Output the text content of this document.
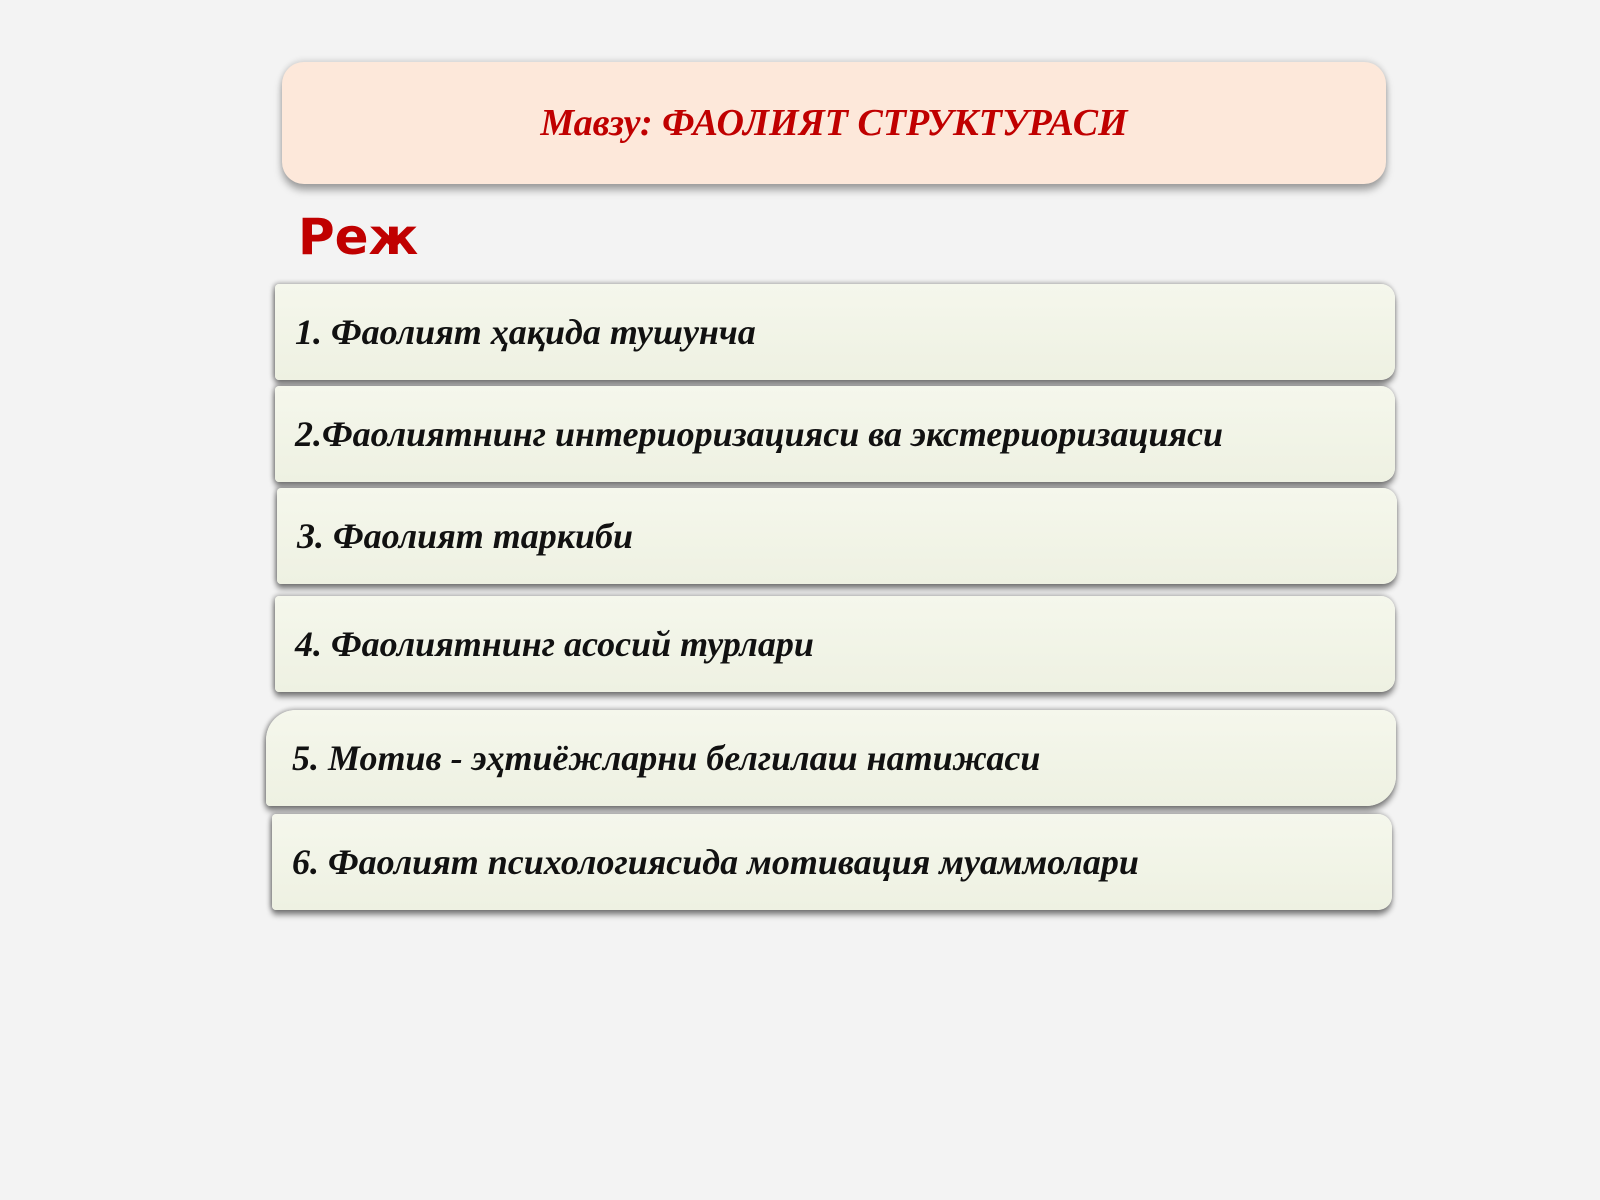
Мавзу: ФАОЛИЯТ СТРУКТУРАСИ
Реж
1. Фаолият ҳақида тушунча
2.Фаолиятнинг интериоризацияси ва экстериоризацияси
3. Фаолият таркиби
4. Фаолиятнинг асосий турлари
5. Мотив - эҳтиёжларни белгилаш натижаси
6. Фаолият психологиясида мотивация муаммолари
